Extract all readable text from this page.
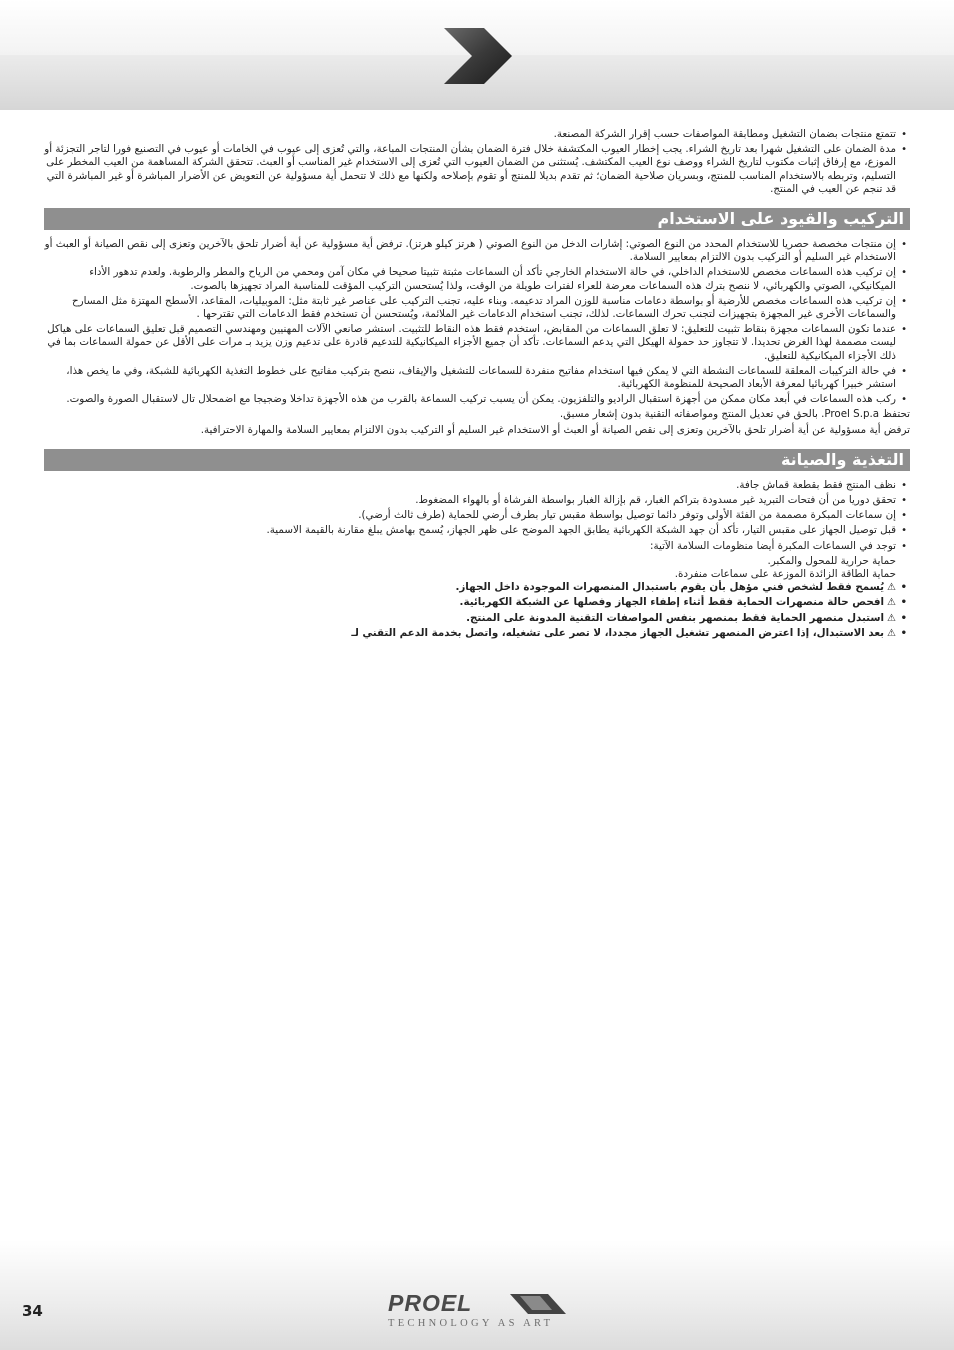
• تتمتع منتجات بضمان التشغيل ومطابقة المواصفات حسب إقرار الشركة المصنعة.
• مدة الضمان على التشغيل شهرا بعد تاريخ الشراء. يجب إخطار العيوب المكتشفة خلال فترة الضمان بشأن المنتجات المباعة، والتي تُعزى إلى عيوب في الخامات أو عيوب في التصنيع فورا لتاجر التجزئة أو الموزع، مع إرفاق إثبات مكتوب لتاريخ الشراء ووصف نوع العيب المكتشف. يُستثنى من الضمان العيوب التي تُعزى إلى الاستخدام غير المناسب أو العبث. تتحقق الشركة المساهمة من العيب المخطر على التسليم، وتربطه بالاستخدام المناسب للمنتج، وبسريان صلاحية الضمان؛ ثم تقدم بديلا للمنتج أو تقوم بإصلاحه ولكنها مع ذلك لا تتحمل أية مسؤولية عن التعويض عن الأضرار المباشرة أو غير المباشرة التي قد تنجم عن العيب في المنتج.
التركيب والقيود على الاستخدام
• إن منتجات مخصصة حصريا للاستخدام المحدد من النوع الصوتي: إشارات الدخل من النوع الصوتي ( هرتز كيلو هرتز). ترفض أية مسؤولية عن أية أضرار تلحق بالآخرين وتعزى إلى نقص الصيانة أو العبث أو الاستخدام غير السليم أو التركيب بدون الالتزام بمعايير السلامة.
• إن تركيب هذه السماعات مخصص للاستخدام الداخلي، في حالة الاستخدام الخارجي تأكد أن السماعات مثبتة تثبيتا صحيحا في مكان آمن ومحمي من الرياح والمطر والرطوبة. ولعدم تدهور الأداء الميكانيكي، الصوتي والكهربائي، لا ننصح بترك هذه السماعات معرضة للعراء لفترات طويلة من الوقت، ولذا يُستحسن التركيب المؤقت للمناسبة المراد تجهيزها بالصوت.
• إن تركيب هذه السماعات مخصص للأرضية أو بواسطة دعامات مناسبة للوزن المراد تدعيمه. وبناء عليه، تجنب التركيب على عناصر غير ثابتة مثل: الموبيليات، المقاعد، الأسطح المهتزة مثل المسارح والسماعات الأخرى غير المجهزة بتجهيزات لتجنب تحرك السماعات. لذلك، تجنب استخدام الدعامات غير الملائمة، ويُستحسن أن تستخدم فقط الدعامات التي تقترحها .
• عندما تكون السماعات مجهزة بنقاط تثبيت للتعليق: لا تعلق السماعات من المقابض، استخدم فقط هذه النقاط للتثبيت. استشر صانعي الآلات المهنيين ومهندسي التصميم قبل تعليق السماعات على هياكل ليست مصممة لهذا الغرض تحديدا. لا تتجاوز حد حمولة الهيكل التي يدعم السماعات. تأكد أن جميع الأجزاء الميكانيكية للتدعيم قادرة على تدعيم وزن يزيد بـ مرات على الأقل عن حمولة السماعات بما في ذلك الأجزاء الميكانيكية للتعليق.
• في حالة التركيبات المعلقة للسماعات النشطة التي لا يمكن فيها استخدام مفاتيح منفردة للسماعات للتشغيل والإيقاف، ننصح بتركيب مفاتيح على خطوط التغذية الكهربائية للشبكة، وفي ما يخص هذا، استشر خبيرا كهربائيا لمعرفة الأبعاد الصحيحة للمنظومة الكهربائية.
• ركب هذه السماعات في أبعد مكان ممكن من أجهزة استقبال الراديو والتلفزيون. يمكن أن يسبب تركيب السماعة بالقرب من هذه الأجهزة تداخلا وضجيجا مع اضمحلال تال لاستقبال الصورة والصوت.

تحتفظ Proel S.p.a. بالحق في تعديل المنتج ومواصفاته التقنية بدون إشعار مسبق.

ترفض أية مسؤولية عن أية أضرار تلحق بالآخرين وتعزى إلى نقص الصيانة أو العبث أو الاستخدام غير السليم أو التركيب بدون الالتزام بمعايير السلامة والمهارة الاحترافية.

التغذية والصيانة
• نظف المنتج فقط بقطعة قماش جافة.
• تحقق دوريا من أن فتحات التبريد غير مسدودة بتراكم الغبار، قم بإزالة الغبار بواسطة الفرشاة أو بالهواء المضغوط.
• إن سماعات المبكرة مصممة من الفئة الأولى وتوفر دائما توصيل بواسطة مقبس تيار بطرف أرضي للحماية (طرف ثالث أرضي).
• قبل توصيل الجهاز على مقبس التيار، تأكد أن جهد الشبكة الكهربائية يطابق الجهد الموضح على ظهر الجهاز، يُسمح بهامش يبلغ مقارنة بالقيمة الاسمية.
• توجد في السماعات المكبرة أيضا منظومات السلامة الآتية:
حماية حرارية للمحول والمكبر.
حماية الطاقة الزائدة الموزعة على سماعات منفردة.
• ⚠يُسمح فقط لشخص فني مؤهل بأن يقوم باستبدال المنصهرات الموجودة داخل الجهاز.
• ⚠افحص حالة منصهرات الحماية فقط أثناء إطفاء الجهاز وفصلها عن الشبكة الكهربائية.
• ⚠استبدل منصهر الحماية فقط بمنصهر بنفس المواصفات التقنية المدونة على المنتج.
• ⚠بعد الاستبدال، إذا اعترض المنصهر تشغيل الجهاز مجددا، لا تصر على تشغيله، واتصل بخدمة الدعم التقني لـ
34	PROEL
TECHNOLOGY AS ART
